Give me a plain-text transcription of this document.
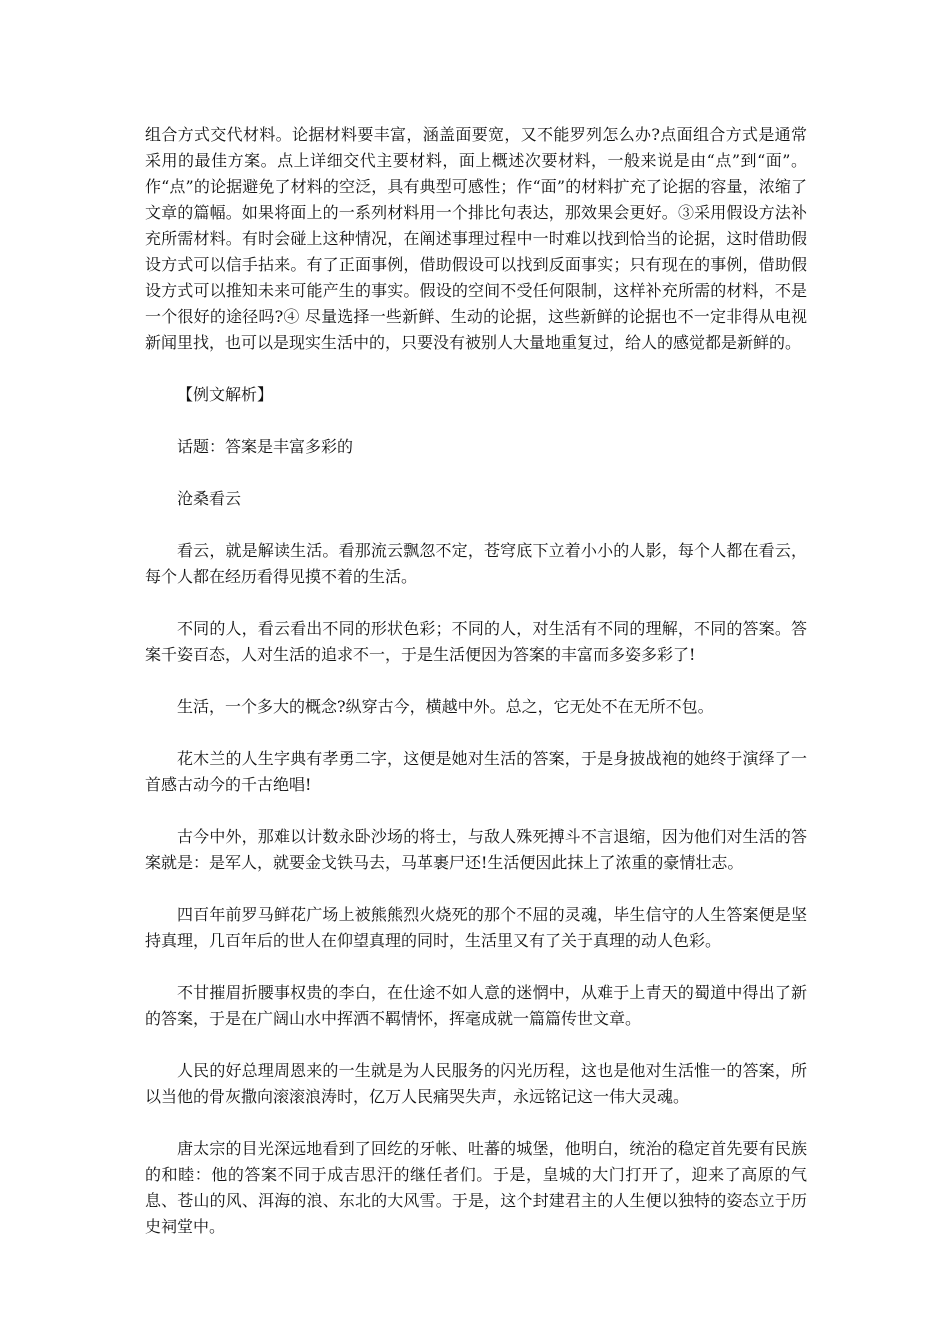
组合方式交代材料。论据材料要丰富，涵盖面要宽，又不能罗列怎么办?点面组合方式是通常采用的最佳方案。点上详细交代主要材料，面上概述次要材料，一般来说是由“点”到“面”。作“点”的论据避免了材料的空泛，具有典型可感性；作“面”的材料扩充了论据的容量，浓缩了文章的篇幅。如果将面上的一系列材料用一个排比句表达，那效果会更好。③采用假设方法补充所需材料。有时会碰上这种情况，在阐述事理过程中一时难以找到恰当的论据，这时借助假设方式可以信手拈来。有了正面事例，借助假设可以找到反面事实；只有现在的事例，借助假设方式可以推知未来可能产生的事实。假设的空间不受任何限制，这样补充所需的材料，不是一个很好的途径吗?④ 尽量选择一些新鲜、生动的论据，这些新鲜的论据也不一定非得从电视新闻里找，也可以是现实生活中的，只要没有被别人大量地重复过，给人的感觉都是新鲜的。

【例文解析】

话题：答案是丰富多彩的

沧桑看云

看云，就是解读生活。看那流云飘忽不定，苍穹底下立着小小的人影，每个人都在看云，每个人都在经历看得见摸不着的生活。

不同的人，看云看出不同的形状色彩；不同的人，对生活有不同的理解，不同的答案。答案千姿百态，人对生活的追求不一，于是生活便因为答案的丰富而多姿多彩了!

生活，一个多大的概念?纵穿古今，横越中外。总之，它无处不在无所不包。

花木兰的人生字典有孝勇二字，这便是她对生活的答案，于是身披战袍的她终于演绎了一首感古动今的千古绝唱!

古今中外，那难以计数永卧沙场的将士，与敌人殊死搏斗不言退缩，因为他们对生活的答案就是：是军人，就要金戈铁马去，马革裹尸还!生活便因此抹上了浓重的豪情壮志。

四百年前罗马鲜花广场上被熊熊烈火烧死的那个不屈的灵魂，毕生信守的人生答案便是坚持真理，几百年后的世人在仰望真理的同时，生活里又有了关于真理的动人色彩。

不甘摧眉折腰事权贵的李白，在仕途不如人意的迷惘中，从难于上青天的蜀道中得出了新的答案，于是在广阔山水中挥洒不羁情怀，挥毫成就一篇篇传世文章。

人民的好总理周恩来的一生就是为人民服务的闪光历程，这也是他对生活惟一的答案，所以当他的骨灰撒向滚滚浪涛时，亿万人民痛哭失声，永远铭记这一伟大灵魂。

唐太宗的目光深远地看到了回纥的牙帐、吐蕃的城堡，他明白，统治的稳定首先要有民族的和睦：他的答案不同于成吉思汗的继任者们。于是，皇城的大门打开了，迎来了高原的气息、苍山的风、洱海的浪、东北的大风雪。于是，这个封建君主的人生便以独特的姿态立于历史祠堂中。
